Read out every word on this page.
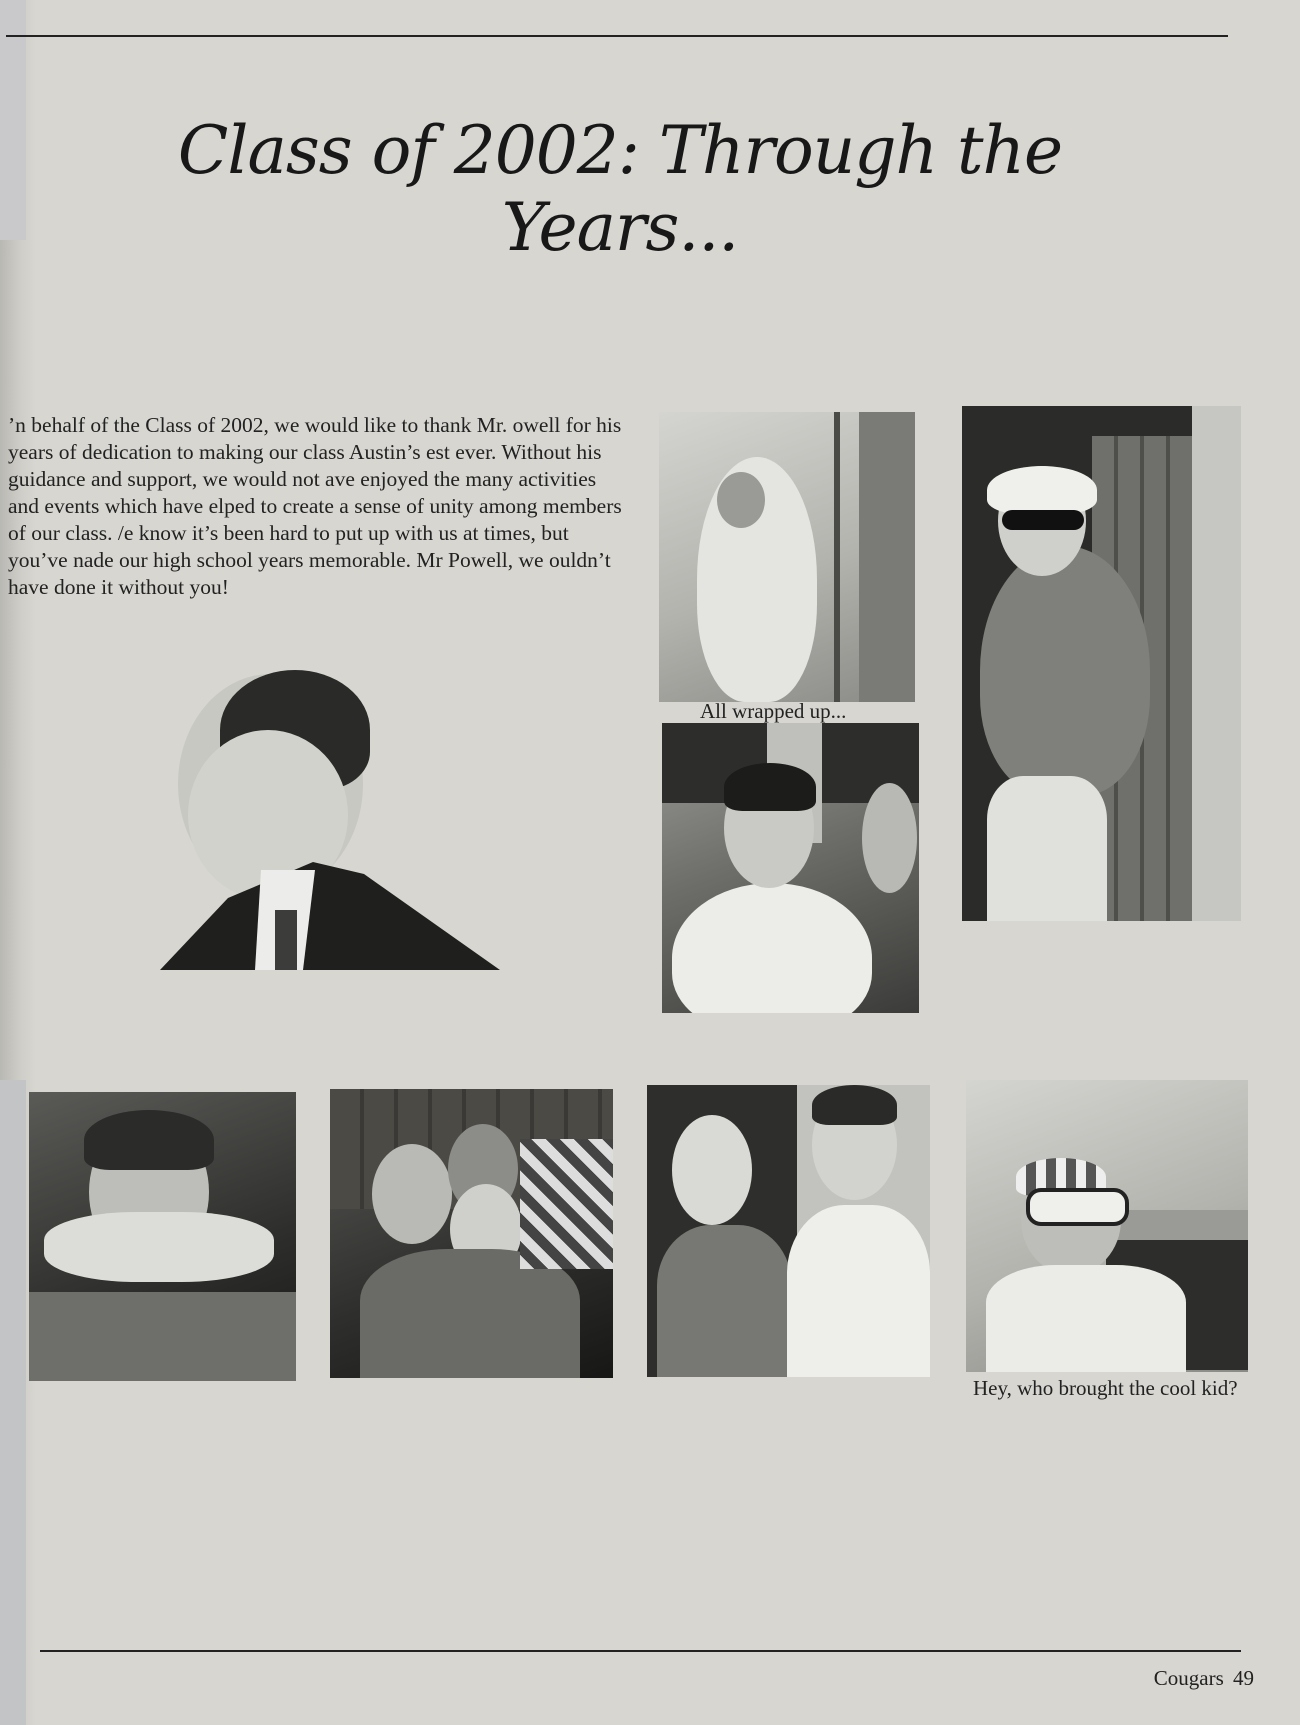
Class of 2002: Through the Years...

’n behalf of the Class of 2002, we would like to thank Mr. owell for his years of dedication to making our class Austin’s est ever. Without his guidance and support, we would not ave enjoyed the many activities and events which have elped to create a sense of unity among members of our class. /e know it’s been hard to put up with us at times, but you’ve nade our high school years memorable. Mr Powell, we ouldn’t have done it without you!

All wrapped up...

Hey, who brought the cool kid?

Cougars 49
